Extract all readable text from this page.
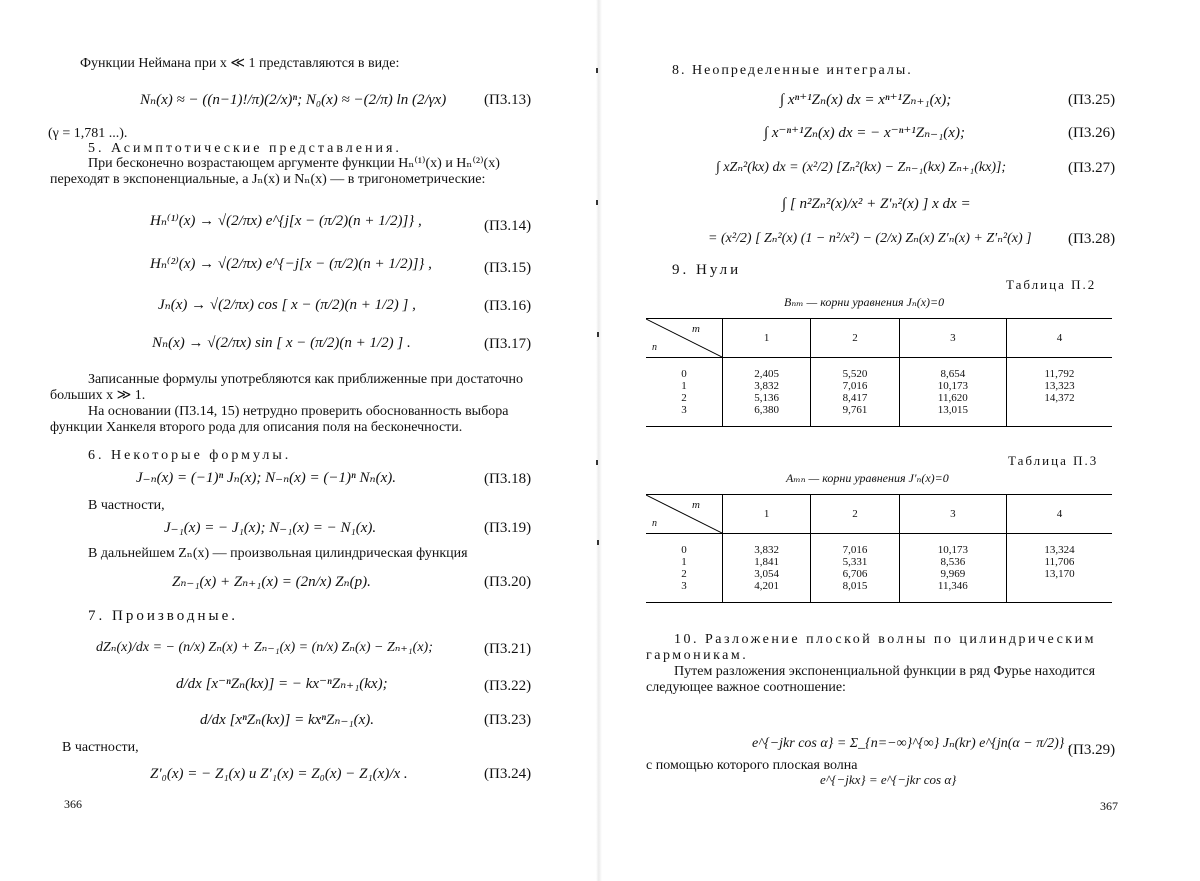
Функции Неймана при x ≪ 1 представляются в виде:

Nₙ(x) ≈ − ((n−1)!/π)(2/x)ⁿ; N₀(x) ≈ −(2/π) ln (2/γx)	(П3.13)

(γ = 1,781 ...).

5. Асимптотические представления.

При бесконечно возрастающем аргументе функции Hₙ⁽¹⁾(x) и Hₙ⁽²⁾(x) переходят в экспоненциальные, а Jₙ(x) и Nₙ(x) — в тригонометрические:

Hₙ⁽¹⁾(x) → √(2/πx) e^{j[x − (π/2)(n + 1/2)]} ,	(П3.14)
Hₙ⁽²⁾(x) → √(2/πx) e^{−j[x − (π/2)(n + 1/2)]} ,	(П3.15)
Jₙ(x) → √(2/πx) cos [ x − (π/2)(n + 1/2) ] ,	(П3.16)
Nₙ(x) → √(2/πx) sin [ x − (π/2)(n + 1/2) ] .	(П3.17)

Записанные формулы употребляются как приближенные при достаточно больших x ≫ 1.

На основании (П3.14, 15) нетрудно проверить обоснованность выбора функции Ханкеля второго рода для описания поля на бесконечности.

6. Некоторые формулы.

J₋ₙ(x) = (−1)ⁿ Jₙ(x); N₋ₙ(x) = (−1)ⁿ Nₙ(x).	(П3.18)

В частности,

J₋₁(x) = − J₁(x); N₋₁(x) = − N₁(x).	(П3.19)

В дальнейшем Zₙ(x) — произвольная цилиндрическая функция

Zₙ₋₁(x) + Zₙ₊₁(x) = (2n/x) Zₙ(p).	(П3.20)

7. Производные.

dZₙ(x)/dx = − (n/x) Zₙ(x) + Zₙ₋₁(x) = (n/x) Zₙ(x) − Zₙ₊₁(x);	(П3.21)
d/dx [x⁻ⁿZₙ(kx)] = − kx⁻ⁿZₙ₊₁(kx);	(П3.22)
d/dx [xⁿZₙ(kx)] = kxⁿZₙ₋₁(x).	(П3.23)

В частности,

Z′₀(x) = − Z₁(x) и Z′₁(x) = Z₀(x) − Z₁(x)/x .	(П3.24)
366

8. Неопределенные интегралы.

∫ xⁿ⁺¹Zₙ(x) dx = xⁿ⁺¹Zₙ₊₁(x);	(П3.25)
∫ x⁻ⁿ⁺¹Zₙ(x) dx = − x⁻ⁿ⁺¹Zₙ₋₁(x);	(П3.26)
∫ xZₙ²(kx) dx = (x²/2) [Zₙ²(kx) − Zₙ₋₁(kx) Zₙ₊₁(kx)];	(П3.27)
∫ [ n²Zₙ²(x)/x² + Z′ₙ²(x) ] x dx =
= (x²/2) [ Zₙ²(x) (1 − n²/x²) − (2/x) Zₙ(x) Z′ₙ(x) + Z′ₙ²(x) ] (П3.28)

9. Нули

Таблица П.2
Bₙₘ — корни уравнения Jₙ(x)=0
m
n	1	2	3	4

0	2,405	5,520	8,654	11,792
1	3,832	7,016	10,173	13,323
2	5,136	8,417	11,620	14,372
3	6,380	9,761	13,015	

Таблица П.3
Aₘₙ — корни уравнения J′ₙ(x)=0
m
n	1	2	3	4

0	3,832	7,016	10,173	13,324
1	1,841	5,331	8,536	11,706
2	3,054	6,706	9,969	13,170
3	4,201	8,015	11,346	

10. Разложение плоской волны по цилиндрическим гармоникам.

Путем разложения экспоненциальной функции в ряд Фурье находится следующее важное соотношение:

e^{−jkr cos α} = Σ_{n=−∞}^{∞} Jₙ(kr) e^{jn(α − π/2)} ,
(П3.29)

с помощью которого плоская волна

e^{−jkx} = e^{−jkr cos α}
367
